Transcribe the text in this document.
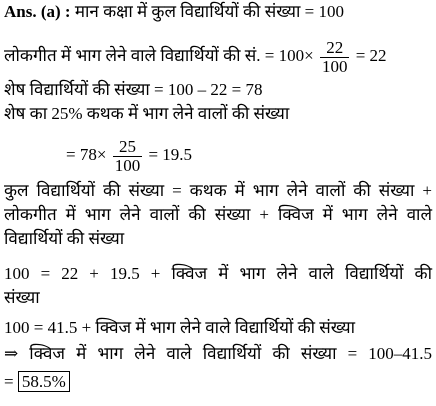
Ans. (a) : मान कक्षा में कुल विद्यार्थियों की संख्या = 100
लोकगीत में भाग लेने वाले विद्यार्थियों की सं. = $100\times \frac{22}{100} = 22$
शेष विद्यार्थियों की संख्या = 100 – 22 = 78
शेष का 25% कथक में भाग लेने वालों की संख्या
= $78\times \frac{25}{100} = 19.5$
कुल विद्यार्थियों की संख्या = कथक में भाग लेने वालों की संख्या +
लोकगीत में भाग लेने वालों की संख्या + क्विज में भाग लेने वाले
विद्यार्थियों की संख्या
100 = 22 + 19.5 + क्विज में भाग लेने वाले विद्यार्थियों की
संख्या
100 = 41.5 + क्विज में भाग लेने वाले विद्यार्थियों की संख्या
⇒ क्विज में भाग लेने वाले विद्यार्थियों की संख्या = 100–41.5
= 58.5%
